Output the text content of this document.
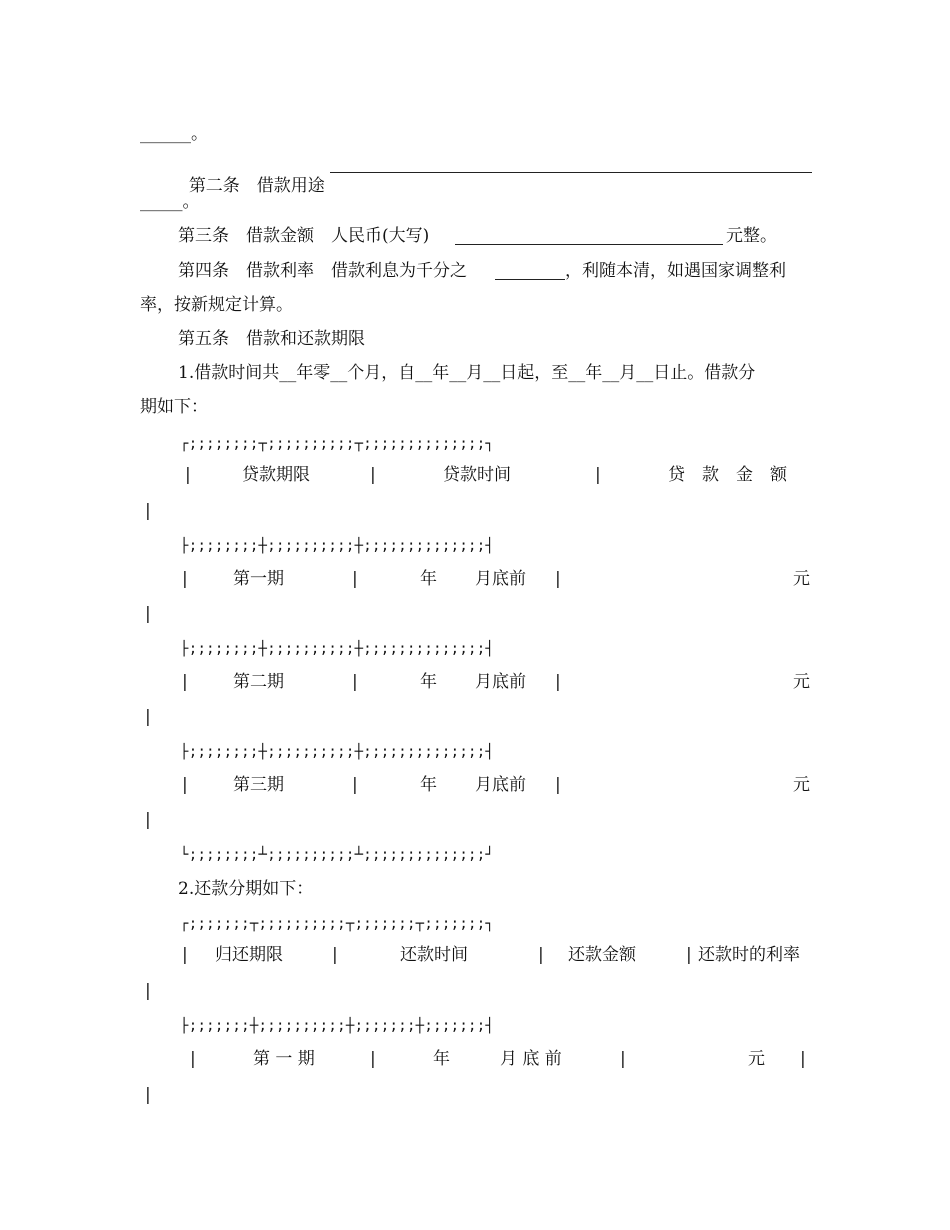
______。

第二条　借款用途

_____。
第三条　借款金额　人民币(大写)	元整。
第四条　借款利率　借款利息为千分之	，利随本清，如遇国家调整利
率，按新规定计算。
第五条　借款和还款期限
1.借款时间共__年零__个月，自__年__月__日起，至__年__月__日止。借款分
期如下：
┌;;;;;;;;┬;;;;;;;;;;┬;;;;;;;;;;;;;;┐
|	贷款期限	|	贷款时间	|	贷　款　金　额
|
├;;;;;;;;┼;;;;;;;;;;┼;;;;;;;;;;;;;;┤
|	第一期	|	年 月底前 |	元
|
├;;;;;;;;┼;;;;;;;;;;┼;;;;;;;;;;;;;;┤
|	第二期	|	年 月底前 |	元
|
├;;;;;;;;┼;;;;;;;;;;┼;;;;;;;;;;;;;;┤
|	第三期	|	年 月底前 |	元
|
└;;;;;;;;┴;;;;;;;;;;┴;;;;;;;;;;;;;;┘
2.还款分期如下：
┌;;;;;;;┬;;;;;;;;;;┬;;;;;;;┬;;;;;;;┐
| 归还期限	|	还款时间	| 还款金额	| 还款时的利率
|
├;;;;;;;┼;;;;;;;;;;┼;;;;;;;┼;;;;;;;┤
|	第 一 期	|	年	月 底 前	|	元 |
|
